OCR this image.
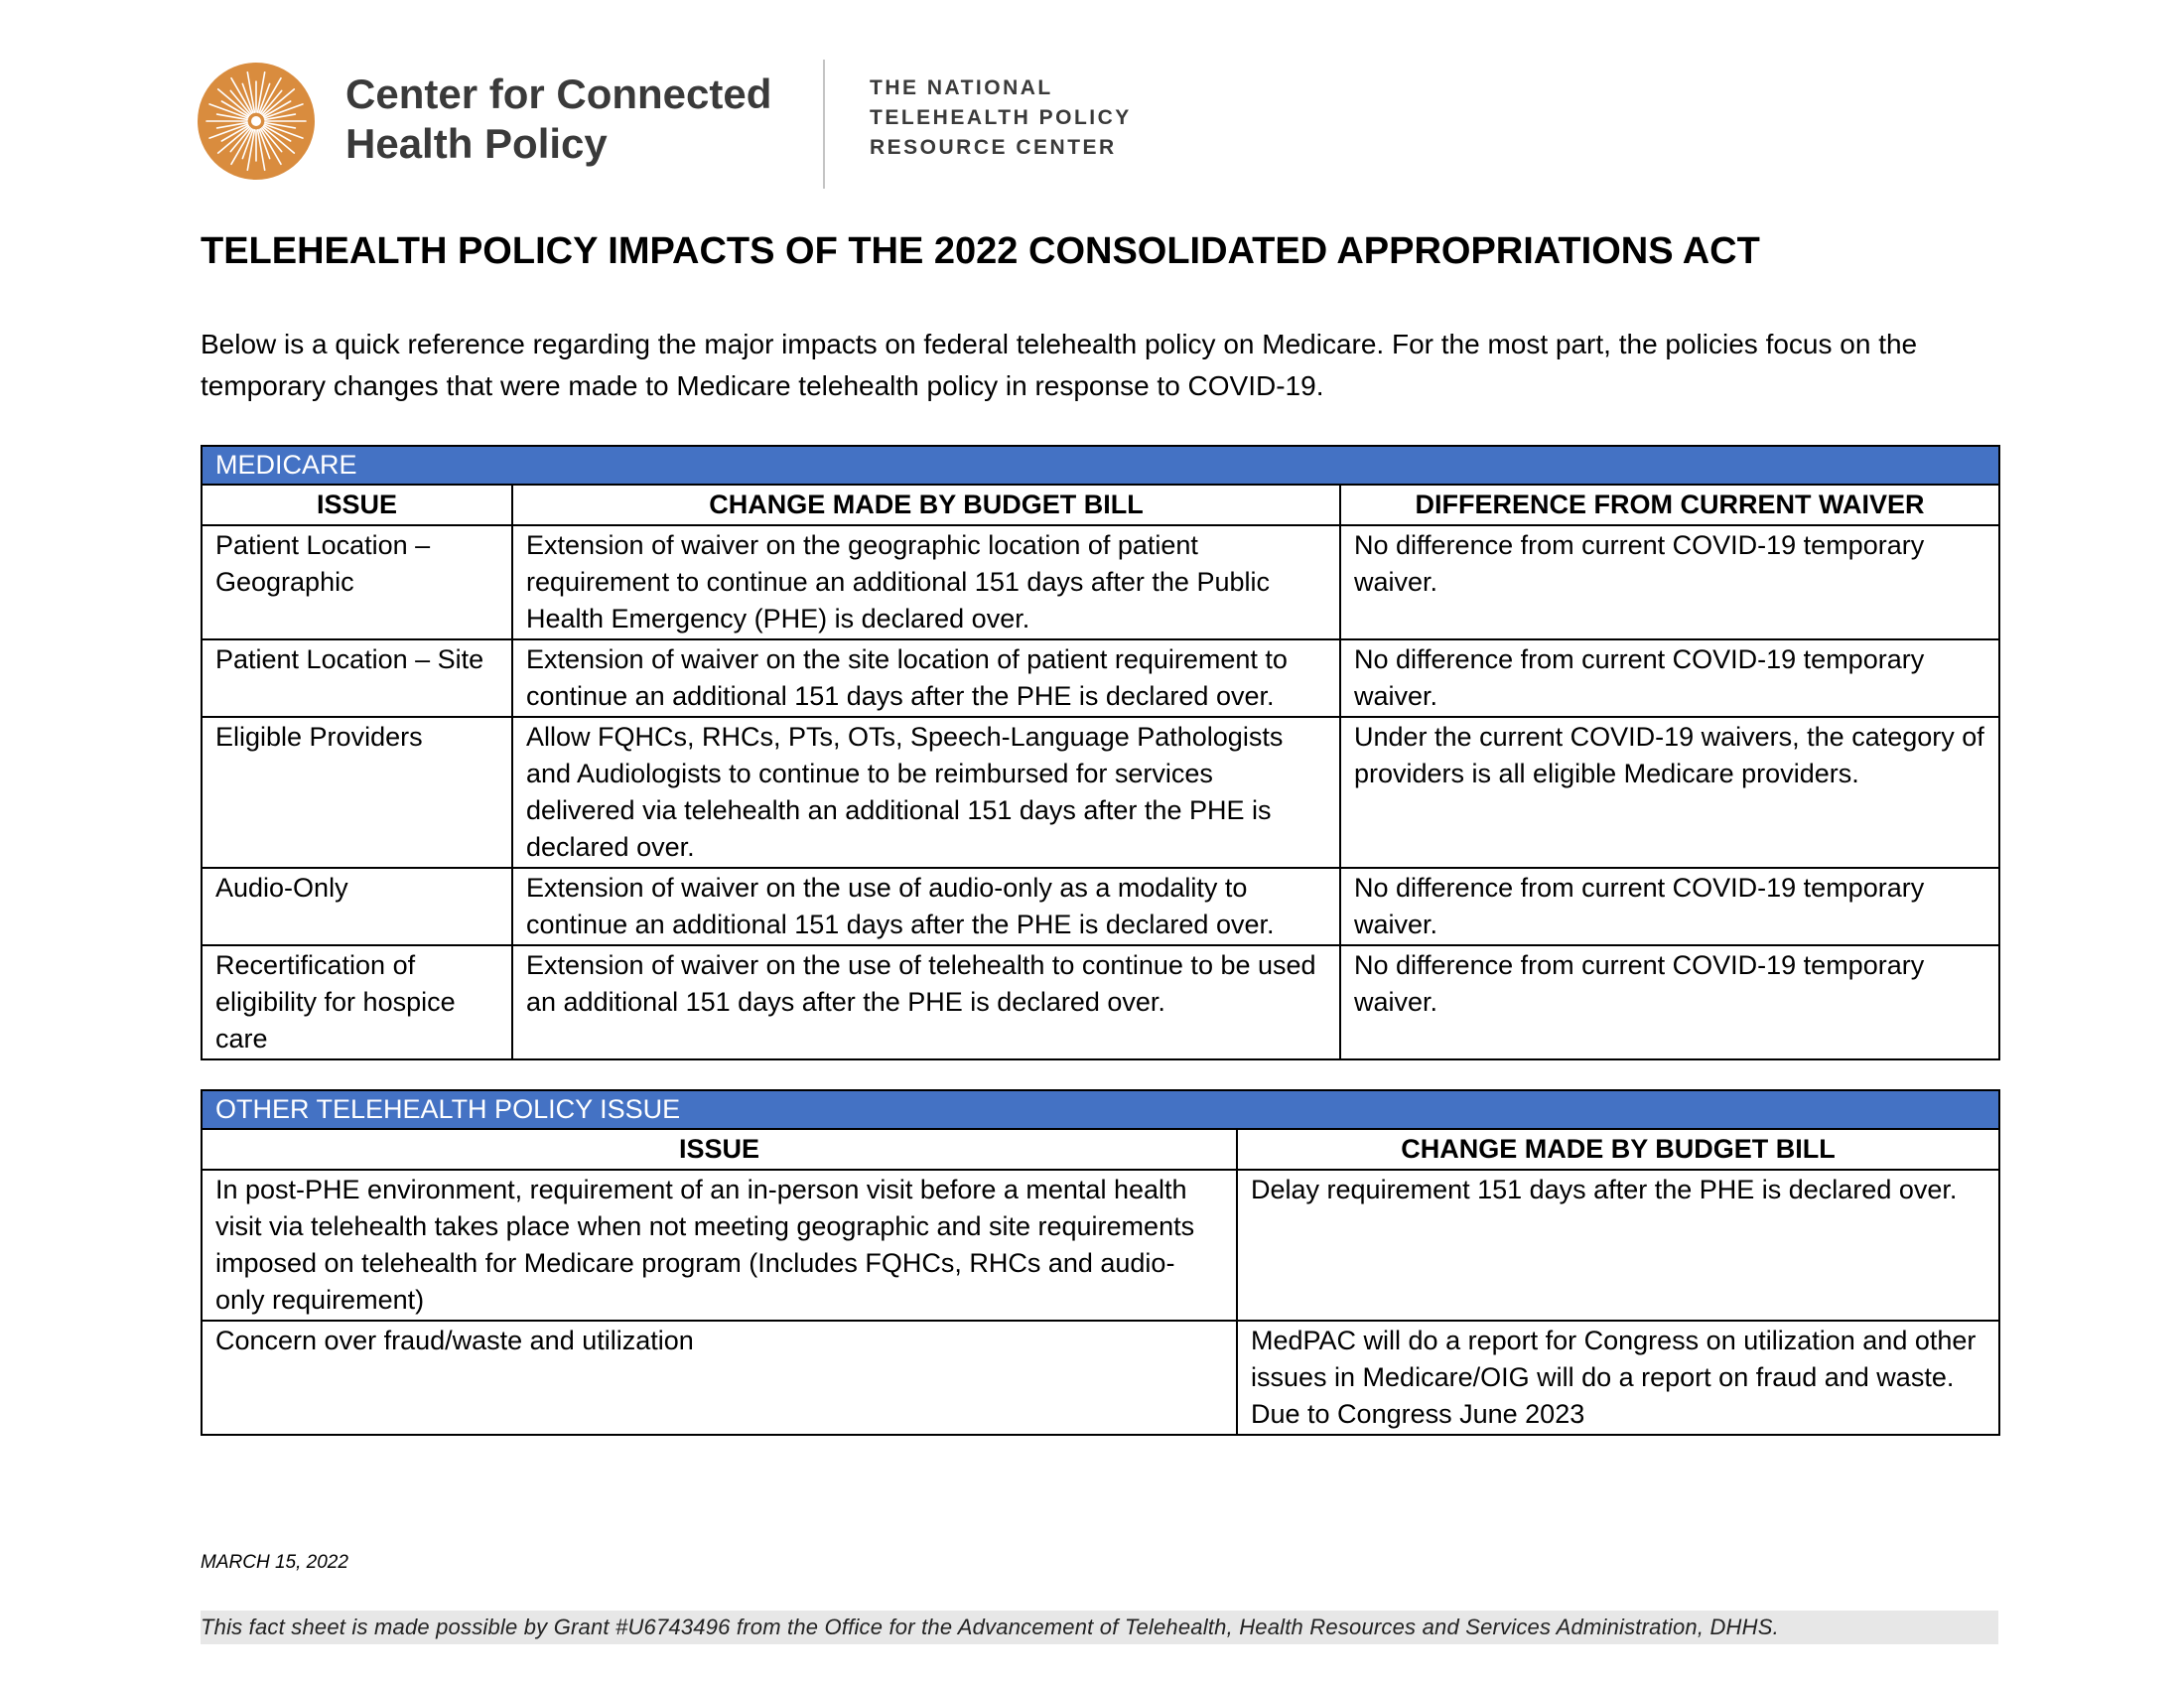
Center for Connected
Health Policy
THE NATIONAL
TELEHEALTH POLICY
RESOURCE CENTER
TELEHEALTH POLICY IMPACTS OF THE 2022 CONSOLIDATED APPROPRIATIONS ACT
Below is a quick reference regarding the major impacts on federal telehealth policy on Medicare. For the most part, the policies focus on the temporary changes that were made to Medicare telehealth policy in response to COVID-19.
MEDICARE		
ISSUE	CHANGE MADE BY BUDGET BILL	DIFFERENCE FROM CURRENT WAIVER
Patient Location – Geographic	Extension of waiver on the geographic location of patient requirement to continue an additional 151 days after the Public Health Emergency (PHE) is declared over.	No difference from current COVID-19 temporary waiver.
Patient Location – Site	Extension of waiver on the site location of patient requirement to continue an additional 151 days after the PHE is declared over.	No difference from current COVID-19 temporary waiver.
Eligible Providers	Allow FQHCs, RHCs, PTs, OTs, Speech-Language Pathologists and Audiologists to continue to be reimbursed for services delivered via telehealth an additional 151 days after the PHE is declared over.	Under the current COVID-19 waivers, the category of providers is all eligible Medicare providers.
Audio-Only	Extension of waiver on the use of audio-only as a modality to continue an additional 151 days after the PHE is declared over.	No difference from current COVID-19 temporary waiver.
Recertification of eligibility for hospice care	Extension of waiver on the use of telehealth to continue to be used an additional 151 days after the PHE is declared over.	No difference from current COVID-19 temporary waiver.
OTHER TELEHEALTH POLICY ISSUE	
ISSUE	CHANGE MADE BY BUDGET BILL
In post-PHE environment, requirement of an in-person visit before a mental health visit via telehealth takes place when not meeting geographic and site requirements imposed on telehealth for Medicare program (Includes FQHCs, RHCs and audio-only requirement)	Delay requirement 151 days after the PHE is declared over.
Concern over fraud/waste and utilization	MedPAC will do a report for Congress on utilization and other issues in Medicare/OIG will do a report on fraud and waste. Due to Congress June 2023
MARCH 15, 2022
This fact sheet is made possible by Grant #U6743496 from the Office for the Advancement of Telehealth, Health Resources and Services Administration, DHHS.
